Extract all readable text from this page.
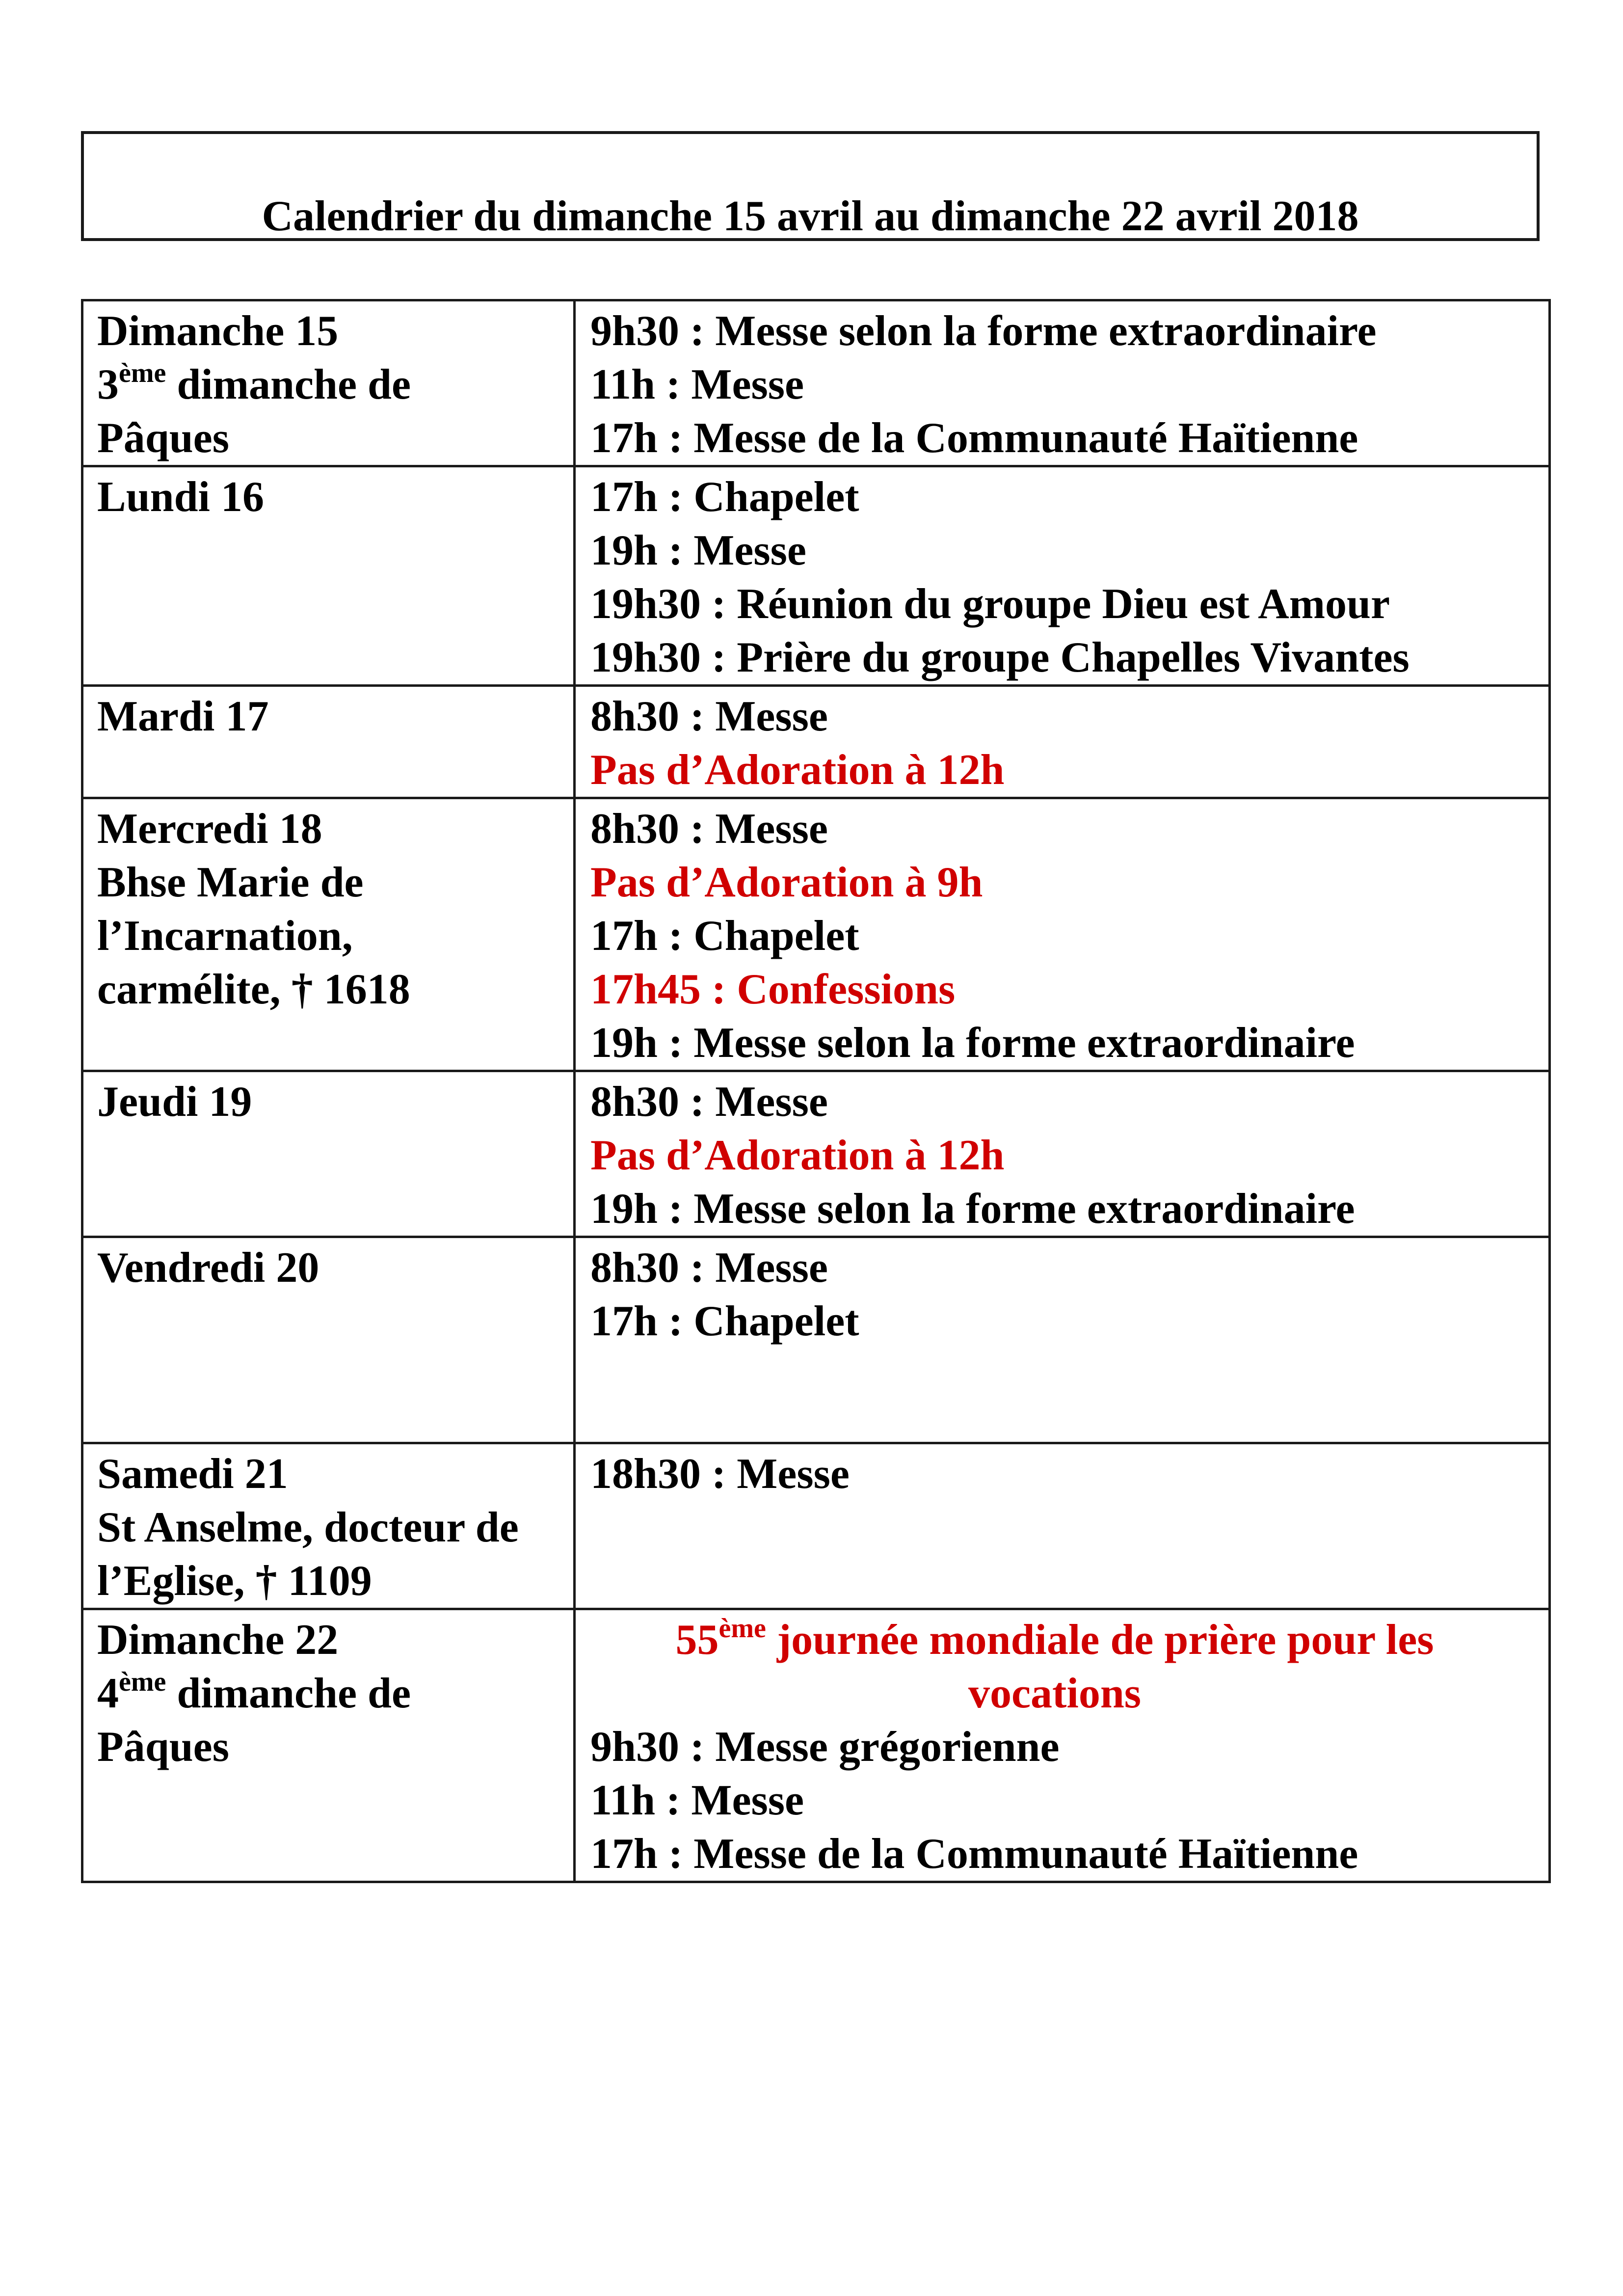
Calendrier du dimanche 15 avril au dimanche 22 avril 2018
Dimanche 15
3ème dimanche de
Pâques	9h30 : Messe selon la forme extraordinaire
11h : Messe
17h : Messe de la Communauté Haïtienne

Lundi 16	17h : Chapelet
19h : Messe
19h30 : Réunion du groupe Dieu est Amour
19h30 : Prière du groupe Chapelles Vivantes

Mardi 17	8h30 : Messe
Pas d’Adoration à 12h

Mercredi 18
Bhse Marie de
l’Incarnation,
carmélite, † 1618	8h30 : Messe
Pas d’Adoration à 9h
17h : Chapelet
17h45 : Confessions
19h : Messe selon la forme extraordinaire

Jeudi 19	8h30 : Messe
Pas d’Adoration à 12h
19h : Messe selon la forme extraordinaire

Vendredi 20	8h30 : Messe
17h : Chapelet

Samedi 21
St Anselme, docteur de
l’Eglise, † 1109	18h30 : Messe

Dimanche 22
4ème dimanche de
Pâques	55ème journée mondiale de prière pour les
vocations
9h30 : Messe grégorienne
11h : Messe
17h : Messe de la Communauté Haïtienne
